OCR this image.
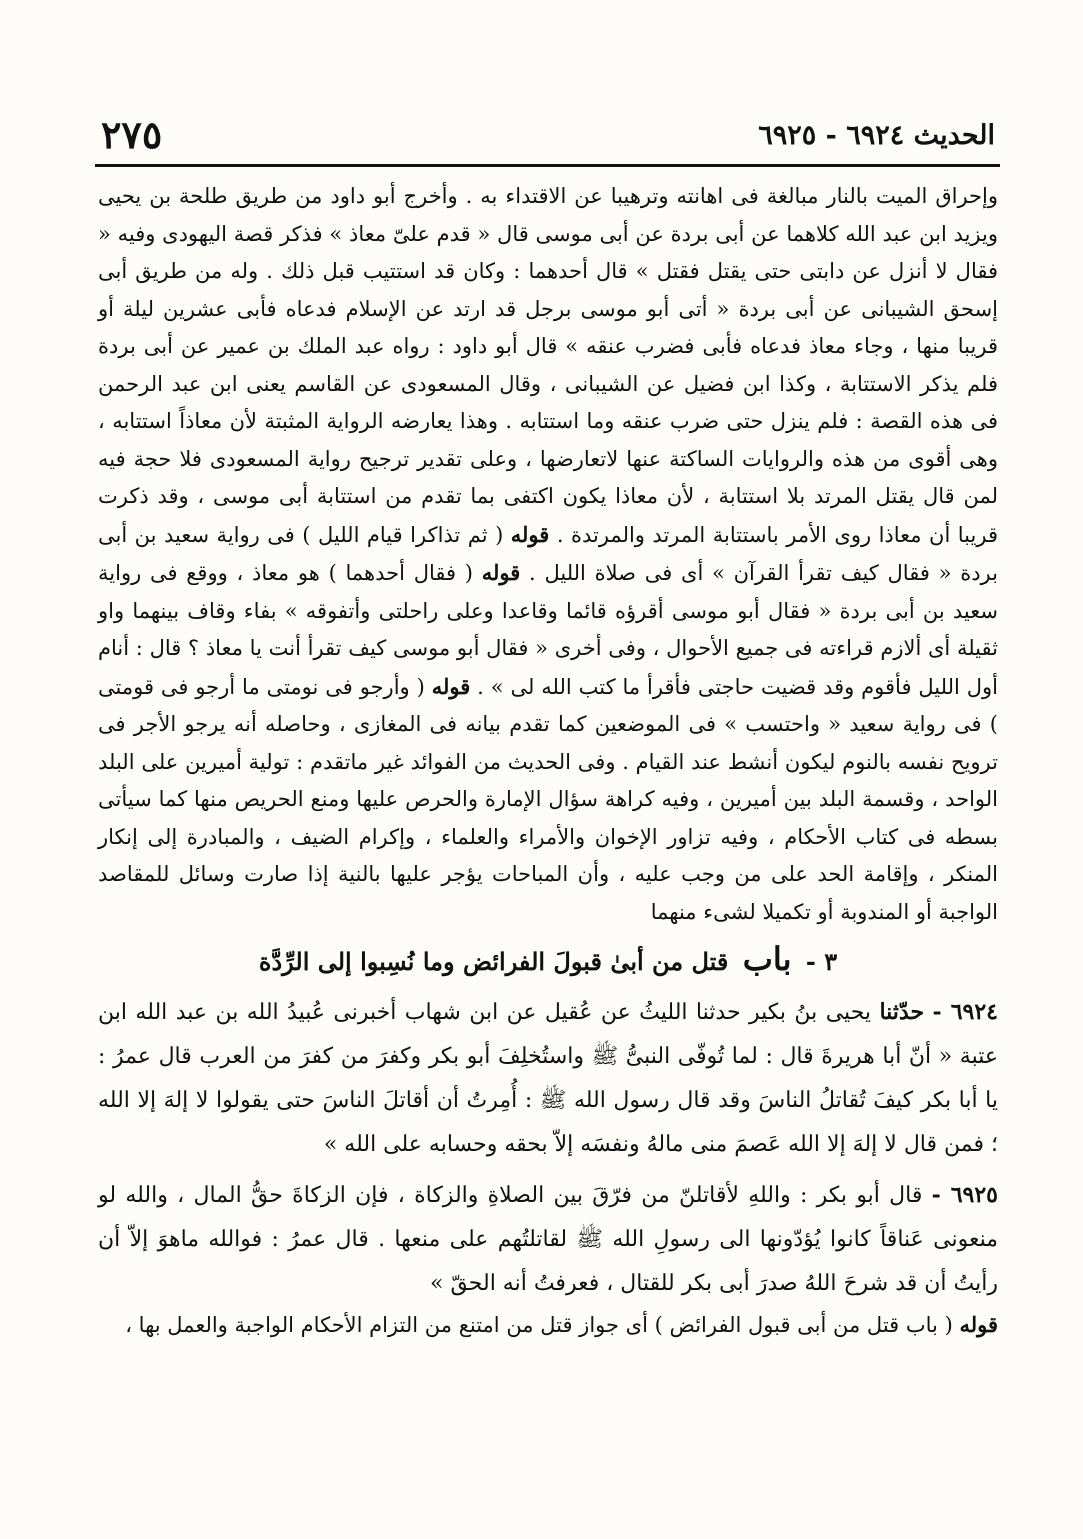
الحديث ٦٩٢٤ - ٦٩٢٥
٢٧٥

وإحراق الميت بالنار مبالغة فى اهانته وترهيبا عن الاقتداء به . وأخرج أبو داود من طريق طلحة بن يحيى ويزيد ابن عبد الله كلاهما عن أبى بردة عن أبى موسى قال « قدم علىّ معاذ » فذكر قصة اليهودى وفيه « فقال لا أنزل عن دابتى حتى يقتل فقتل » قال أحدهما : وكان قد استتيب قبل ذلك . وله من طريق أبى إسحق الشيبانى عن أبى بردة « أتى أبو موسى برجل قد ارتد عن الإسلام فدعاه فأبى عشرين ليلة أو قريبا منها ، وجاء معاذ فدعاه فأبى فضرب عنقه » قال أبو داود : رواه عبد الملك بن عمير عن أبى بردة فلم يذكر الاستتابة ، وكذا ابن فضيل عن الشيبانى ، وقال المسعودى عن القاسم يعنى ابن عبد الرحمن فى هذه القصة : فلم ينزل حتى ضرب عنقه وما استتابه . وهذا يعارضه الرواية المثبتة لأن معاذاً استتابه ، وهى أقوى من هذه والروايات الساكتة عنها لاتعارضها ، وعلى تقدير ترجيح رواية المسعودى فلا حجة فيه لمن قال يقتل المرتد بلا استتابة ، لأن معاذا يكون اكتفى بما تقدم من استتابة أبى موسى ، وقد ذكرت قريبا أن معاذا روى الأمر باستتابة المرتد والمرتدة . قوله ( ثم تذاكرا قيام الليل ) فى رواية سعيد بن أبى بردة « فقال كيف تقرأ القرآن » أى فى صلاة الليل . قوله ( فقال أحدهما ) هو معاذ ، ووقع فى رواية سعيد بن أبى بردة « فقال أبو موسى أقرؤه قائما وقاعدا وعلى راحلتى وأتفوقه » بفاء وقاف بينهما واو ثقيلة أى ألازم قراءته فى جميع الأحوال ، وفى أخرى « فقال أبو موسى كيف تقرأ أنت يا معاذ ؟ قال : أنام أول الليل فأقوم وقد قضيت حاجتى فأقرأ ما كتب الله لى » . قوله ( وأرجو فى نومتى ما أرجو فى قومتى ) فى رواية سعيد « واحتسب » فى الموضعين كما تقدم بيانه فى المغازى ، وحاصله أنه يرجو الأجر فى ترويح نفسه بالنوم ليكون أنشط عند القيام . وفى الحديث من الفوائد غير ماتقدم : تولية أميرين على البلد الواحد ، وقسمة البلد بين أميرين ، وفيه كراهة سؤال الإمارة والحرص عليها ومنع الحريص منها كما سيأتى بسطه فى كتاب الأحكام ، وفيه تزاور الإخوان والأمراء والعلماء ، وإكرام الضيف ، والمبادرة إلى إنكار المنكر ، وإقامة الحد على من وجب عليه ، وأن المباحات يؤجر عليها بالنية إذا صارت وسائل للمقاصد الواجبة أو المندوبة أو تكميلا لشىء منهما

٣ - باب قتل من أبىٰ قبولَ الفرائض وما نُسِبوا إلى الرِّدَّة

٦٩٢٤ - حدّثنا يحيى بنُ بكير حدثنا الليثُ عن عُقيل عن ابن شهاب أخبرنى عُبيدُ الله بن عبد الله ابن عتبة « أنّ أبا هريرةَ قال : لما تُوفّى النبىُّ ﷺ واستُخلِفَ أبو بكر وكفرَ من كفرَ من العرب قال عمرُ : يا أبا بكر كيفَ تُقاتلُ الناسَ وقد قال رسول الله ﷺ : أُمِرتُ أن أقاتلَ الناسَ حتى يقولوا لا إلهَ إلا الله ؛ فمن قال لا إلهَ إلا الله عَصمَ منى مالهُ ونفسَه إلاّ بحقه وحسابه على الله »

٦٩٢٥ - قال أبو بكر : واللهِ لأقاتلنّ من فرّقَ بين الصلاةِ والزكاة ، فإن الزكاةَ حقُّ المال ، والله لو منعونى عَناقاً كانوا يُؤدّونها الى رسولِ الله ﷺ لقاتلتُهم على منعها . قال عمرُ : فوالله ماهوَ إلاّ أن رأيتُ أن قد شرحَ اللهُ صدرَ أبى بكر للقتال ، فعرفتُ أنه الحقّ »

قوله ( باب قتل من أبى قبول الفرائض ) أى جواز قتل من امتنع من التزام الأحكام الواجبة والعمل بها ،
